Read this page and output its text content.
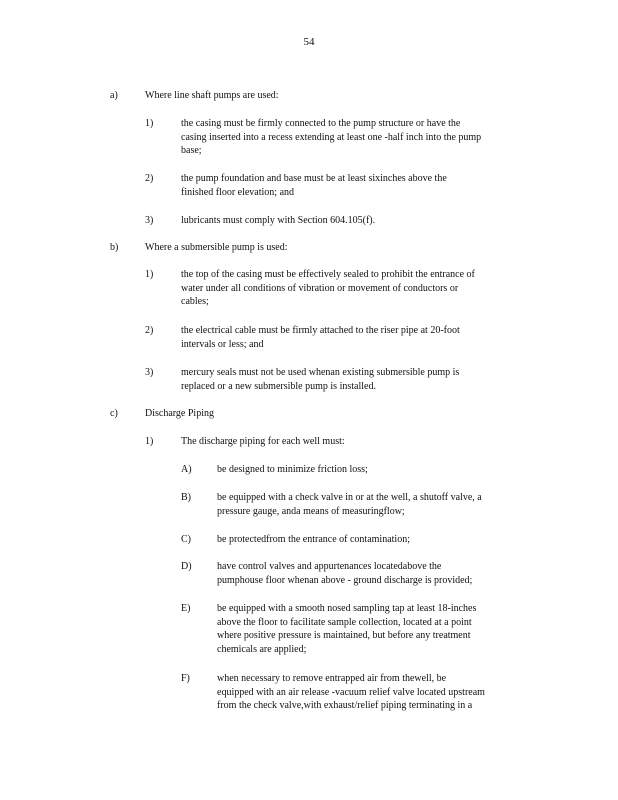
54
a)	Where line shaft pumps are used:
1)	the casing must be firmly connected to the pump structure or have the
casing inserted into a recess extending at least one -half inch into the pump
base;
2)	the pump foundation and base must be at least sixinches above the
finished floor elevation; and
3)	lubricants must comply with Section 604.105(f).
b)	Where a submersible pump is used:
1)	the top of the casing must be effectively sealed to prohibit the entrance of
water under all conditions of vibration or movement of conductors or
cables;
2)	the electrical cable must be firmly attached to the riser pipe at 20-foot
intervals or less; and
3)	mercury seals must not be used whenan existing submersible pump is
replaced or a new submersible pump is installed.
c)	Discharge Piping
1)	The discharge piping for each well must:
A)	be designed to minimize friction loss;
B)	be equipped with a check valve in or at the well, a shutoff valve, a
pressure gauge, anda means of measuringflow;
C)	be protectedfrom the entrance of contamination;
D)	have control valves and appurtenances locatedabove the
pumphouse floor whenan above - ground discharge is provided;
E)	be equipped with a smooth nosed sampling tap at least 18-inches
above the floor to facilitate sample collection, located at a point
where positive pressure is maintained, but before any treatment
chemicals are applied;
F)	when necessary to remove entrapped air from thewell, be
equipped with an air release -vacuum relief valve located upstream
from the check valve,with exhaust/relief piping terminating in a
